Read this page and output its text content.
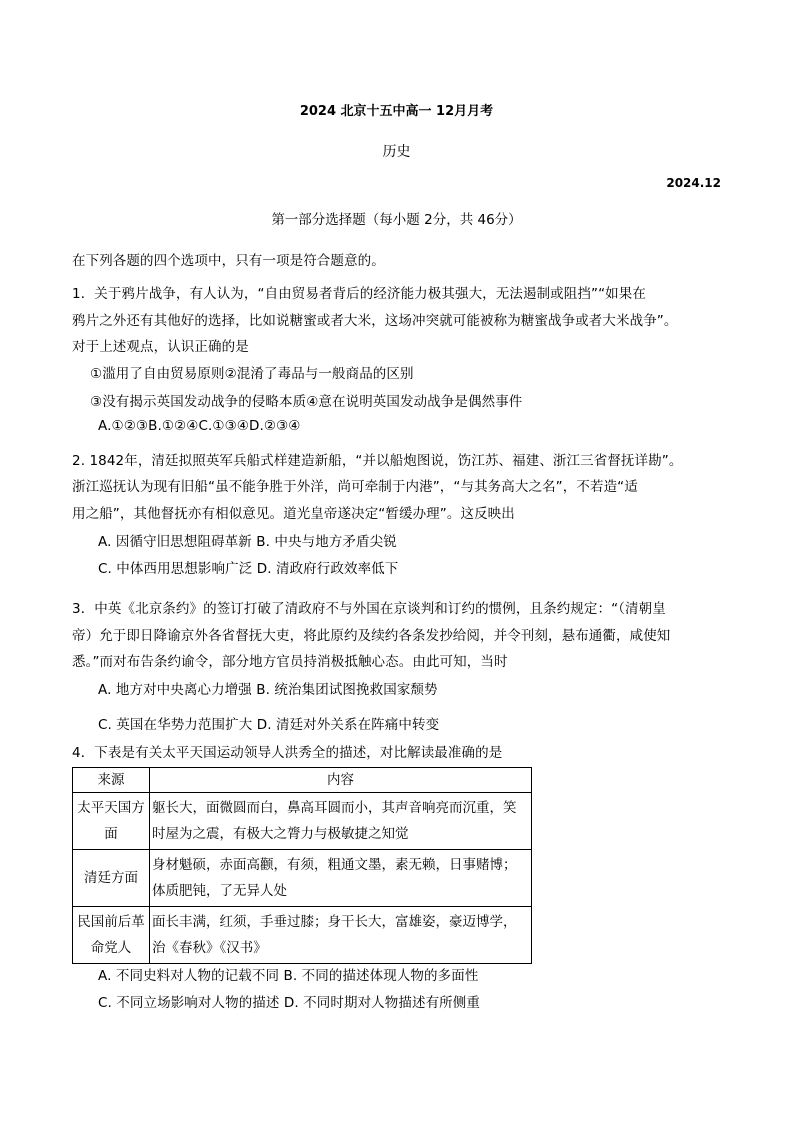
2024 北京十五中高一 12月月考
历史
2024.12
第一部分选择题（每小题 2分，共 46分）
在下列各题的四个选项中，只有一项是符合题意的。
1．关于鸦片战争，有人认为，“自由贸易者背后的经济能力极其强大，无法遏制或阻挡”“如果在
鸦片之外还有其他好的选择，比如说糖蜜或者大米，这场冲突就可能被称为糖蜜战争或者大米战争”。
对于上述观点，认识正确的是
①滥用了自由贸易原则②混淆了毒品与一般商品的区别
③没有揭示英国发动战争的侵略本质④意在说明英国发动战争是偶然事件
A.①②③B.①②④C.①③④D.②③④
2. 1842年，清廷拟照英军兵船式样建造新船，“并以船炮图说，饬江苏、福建、浙江三省督抚详勘”。
浙江巡抚认为现有旧船“虽不能争胜于外洋，尚可牵制于内港”，“与其务高大之名”，不若造“适
用之船”，其他督抚亦有相似意见。道光皇帝遂决定“暂缓办理”。这反映出
A. 因循守旧思想阻碍革新 B. 中央与地方矛盾尖锐
C. 中体西用思想影响广泛 D. 清政府行政效率低下
3．中英《北京条约》的签订打破了清政府不与外国在京谈判和订约的惯例，且条约规定：“（清朝皇
帝）允于即日降谕京外各省督抚大吏，将此原约及续约各条发抄给阅，并令刊刻，悬布通衢，咸使知
悉。”而对布告条约谕令，部分地方官员持消极抵触心态。由此可知，当时
A. 地方对中央离心力增强 B. 统治集团试图挽救国家颓势
C. 英国在华势力范围扩大 D. 清廷对外关系在阵痛中转变
4．下表是有关太平天国运动领导人洪秀全的描述，对比解读最准确的是
来源	内容
太平天国方面	躯长大，面微圆而白，鼻高耳圆而小，其声音响亮而沉重，笑时屋为之震，有极大之膂力与极敏捷之知觉
清廷方面	身材魁硕，赤面高颧，有须，粗通文墨，素无赖，日事赌博；体质肥钝，了无异人处
民国前后革命党人	面长丰满，红须，手垂过膝；身干长大，富雄姿，豪迈博学，治《春秋》《汉书》
A. 不同史料对人物的记载不同 B. 不同的描述体现人物的多面性
C. 不同立场影响对人物的描述 D. 不同时期对人物描述有所侧重
